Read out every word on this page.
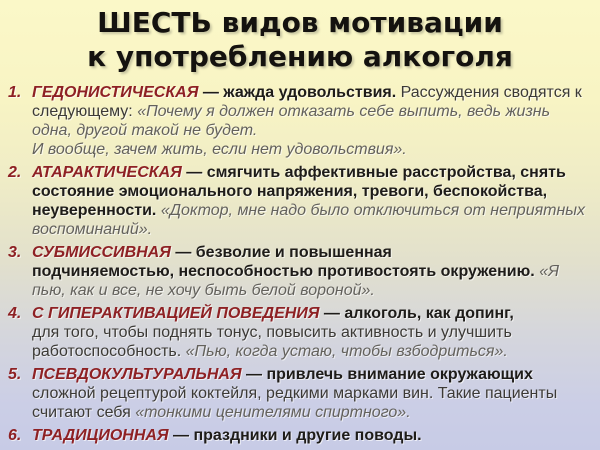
ШЕСТЬ видов мотивации
к употреблению алкоголя
1. ГЕДОНИСТИЧЕСКАЯ — жажда удовольствия. Рассуждения сводятся к следующему: «Почему я должен отказать себе выпить, ведь жизнь одна, другой такой не будет.
И вообще, зачем жить, если нет удовольствия».
2. АТАРАКТИЧЕСКАЯ — смягчить аффективные расстройства, снять состояние эмоционального напряжения, тревоги, беспокойства, неуверенности. «Доктор, мне надо было отключиться от неприятных воспоминаний».
3. СУБМИССИВНАЯ — безволие и повышенная
подчиняемостью, неспособностью противостоять окружению. «Я пью, как и все, не хочу быть белой вороной».
4. С ГИПЕРАКТИВАЦИЕЙ ПОВЕДЕНИЯ — алкоголь, как допинг,
для того, чтобы поднять тонус, повысить активность и улучшить работоспособность. «Пью, когда устаю, чтобы взбодриться».
5. ПСЕВДОКУЛЬТУРАЛЬНАЯ — привлечь внимание окружающих
сложной рецептурой коктейля, редкими марками вин. Такие пациенты считают себя «тонкими ценителями спиртного».
6. ТРАДИЦИОННАЯ — праздники и другие поводы.
